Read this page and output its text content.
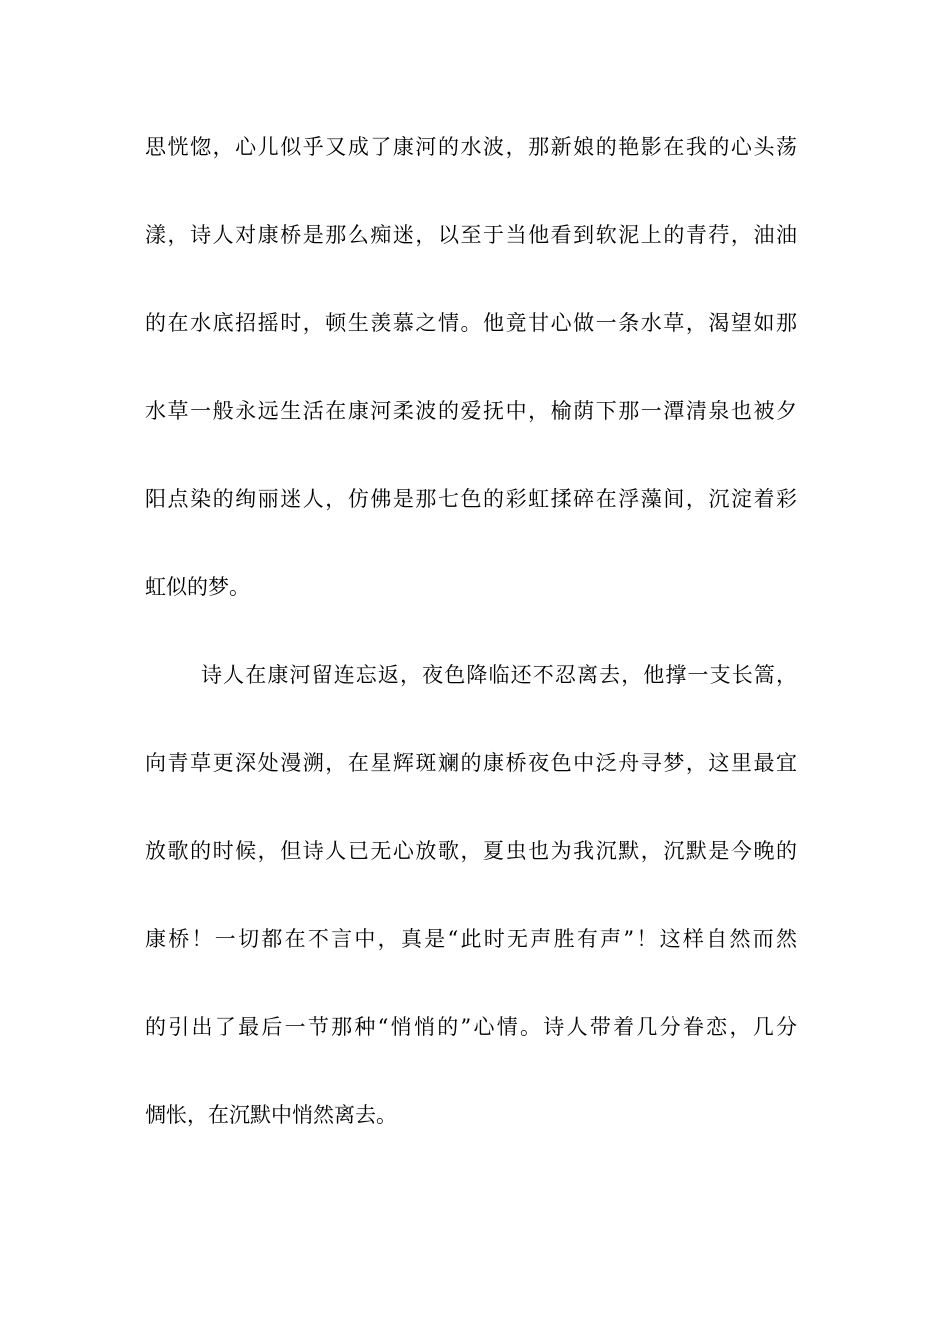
思恍惚，心儿似乎又成了康河的水波，那新娘的艳影在我的心头荡
漾，诗人对康桥是那么痴迷，以至于当他看到软泥上的青荇，油油
的在水底招摇时，顿生羡慕之情。他竟甘心做一条水草，渴望如那
水草一般永远生活在康河柔波的爱抚中，榆荫下那一潭清泉也被夕
阳点染的绚丽迷人，仿佛是那七色的彩虹揉碎在浮藻间，沉淀着彩
虹似的梦。
诗人在康河留连忘返，夜色降临还不忍离去，他撑一支长篙，
向青草更深处漫溯，在星辉斑斓的康桥夜色中泛舟寻梦，这里最宜
放歌的时候，但诗人已无心放歌，夏虫也为我沉默，沉默是今晚的
康桥！一切都在不言中，真是“此时无声胜有声”！这样自然而然
的引出了最后一节那种“悄悄的”心情。诗人带着几分眷恋，几分
惆怅，在沉默中悄然离去。
